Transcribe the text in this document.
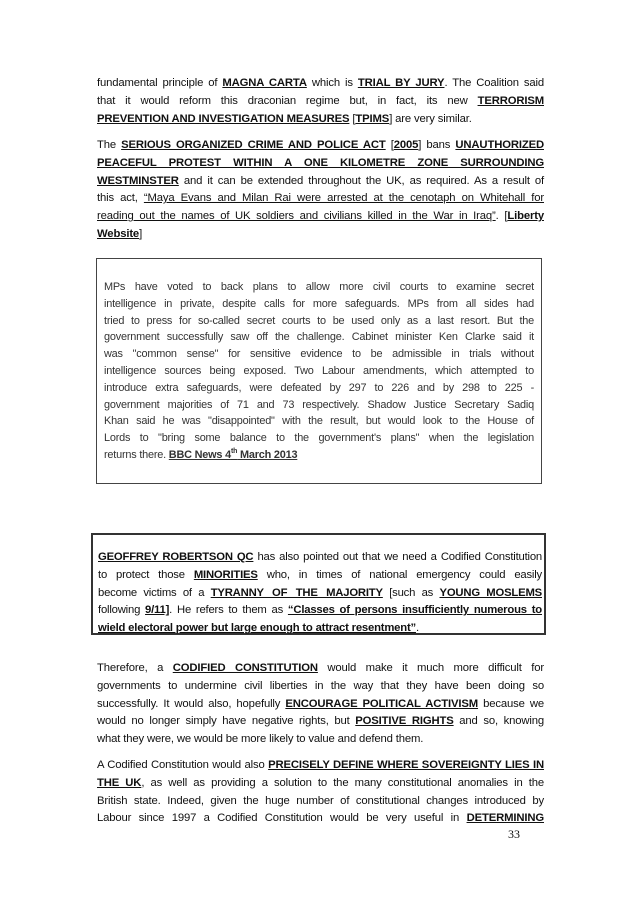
fundamental principle of MAGNA CARTA which is TRIAL BY JURY. The Coalition said
that it would reform this draconian regime but, in fact, its new TERRORISM
PREVENTION AND INVESTIGATION MEASURES [TPIMS] are very similar.
The SERIOUS ORGANIZED CRIME AND POLICE ACT [2005] bans UNAUTHORIZED
PEACEFUL PROTEST WITHIN A ONE KILOMETRE ZONE SURROUNDING
WESTMINSTER and it can be extended throughout the UK, as required. As a result of
this act, “Maya Evans and Milan Rai were arrested at the cenotaph on Whitehall for
reading out the names of UK soldiers and civilians killed in the War in Iraq”. [Liberty
Website]
MPs have voted to back plans to allow more civil courts to examine secret
intelligence in private, despite calls for more safeguards. MPs from all sides had
tried to press for so-called secret courts to be used only as a last resort. But the
government successfully saw off the challenge. Cabinet minister Ken Clarke said it
was "common sense" for sensitive evidence to be admissible in trials without
intelligence sources being exposed. Two Labour amendments, which attempted to
introduce extra safeguards, were defeated by 297 to 226 and by 298 to 225 -
government majorities of 71 and 73 respectively. Shadow Justice Secretary Sadiq
Khan said he was "disappointed" with the result, but would look to the House of
Lords to "bring some balance to the government's plans" when the legislation
returns there. BBC News 4th March 2013
GEOFFREY ROBERTSON QC has also pointed out that we need a Codified Constitution
to protect those MINORITIES who, in times of national emergency could easily
become victims of a TYRANNY OF THE MAJORITY [such as YOUNG MOSLEMS
following 9/11]. He refers to them as “Classes of persons insufficiently numerous to
wield electoral power but large enough to attract resentment”.
Therefore, a CODIFIED CONSTITUTION would make it much more difficult for
governments to undermine civil liberties in the way that they have been doing so
successfully. It would also, hopefully ENCOURAGE POLITICAL ACTIVISM because we
would no longer simply have negative rights, but POSITIVE RIGHTS and so, knowing
what they were, we would be more likely to value and defend them.
A Codified Constitution would also PRECISELY DEFINE WHERE SOVEREIGNTY LIES IN
THE UK, as well as providing a solution to the many constitutional anomalies in the
British state. Indeed, given the huge number of constitutional changes introduced by
Labour since 1997 a Codified Constitution would be very useful in DETERMINING
33
